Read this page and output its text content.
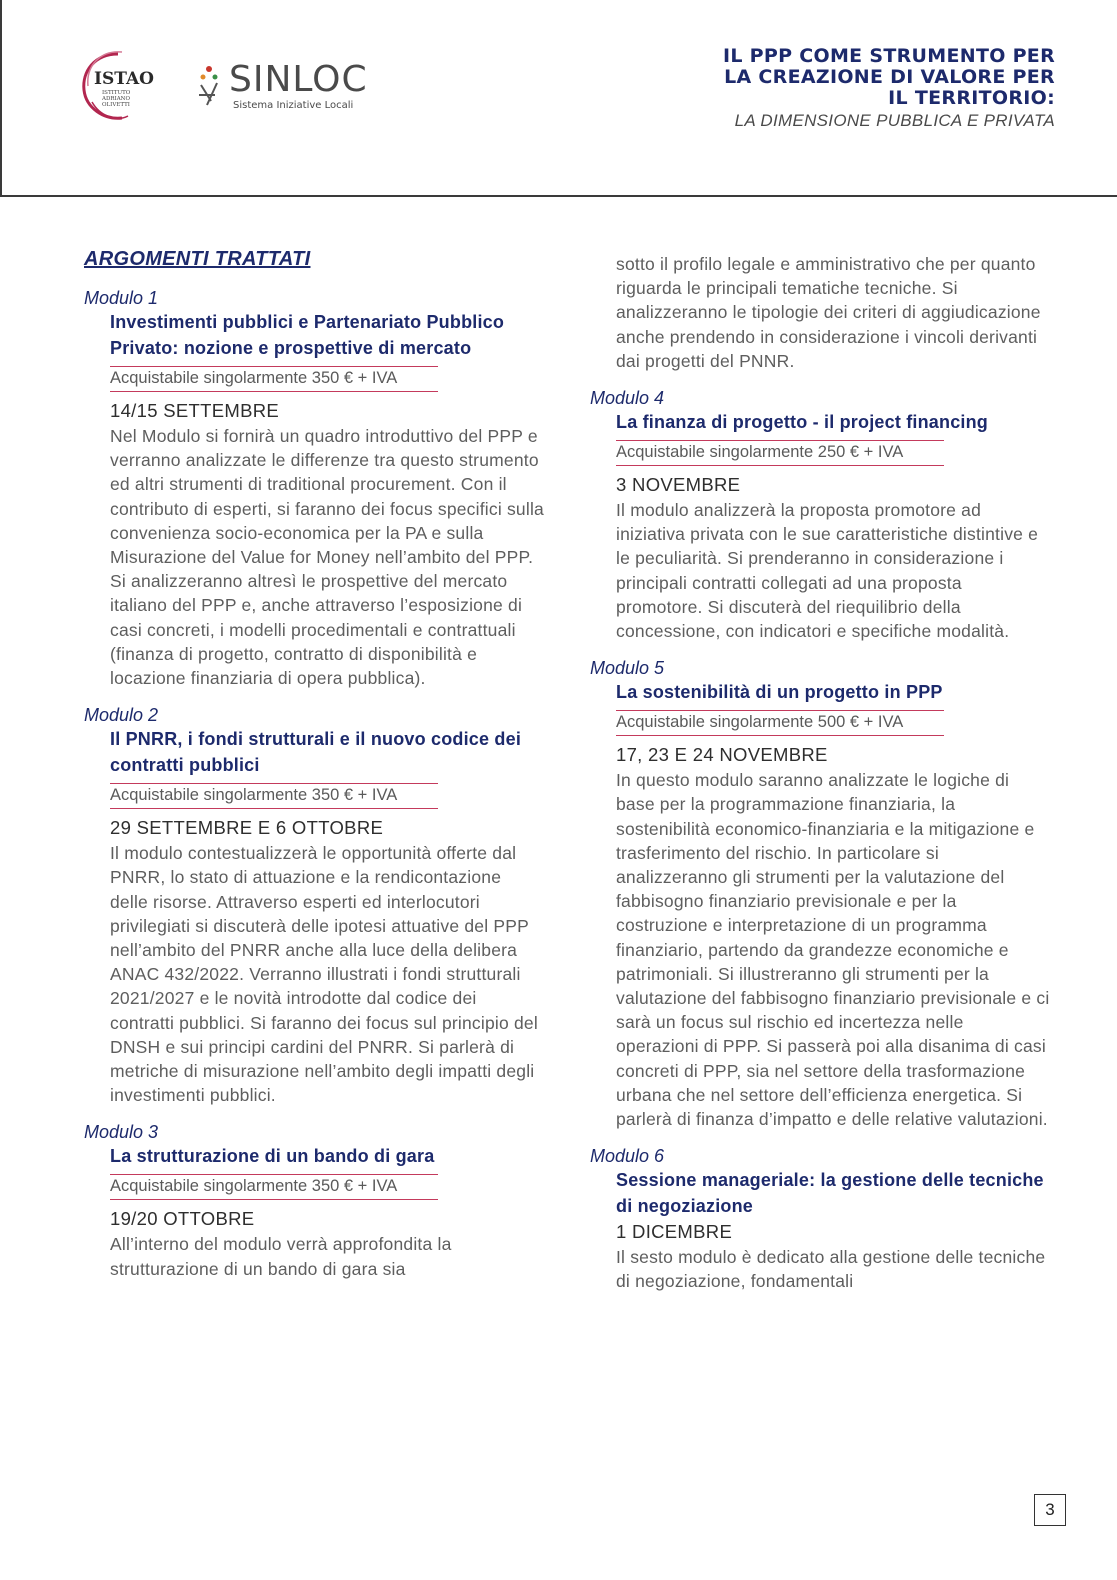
ISTAO
ISTITUTO
ADRIANO
OLIVETTI
SINLOC
Sistema Iniziative Locali
IL PPP COME STRUMENTO PER
LA CREAZIONE DI VALORE PER
IL TERRITORIO:
LA DIMENSIONE PUBBLICA E PRIVATA
ARGOMENTI TRATTATI
Modulo 1
Investimenti pubblici e Partenariato Pubblico Privato: nozione e prospettive di mercato
Acquistabile singolarmente 350 € + IVA
14/15 SETTEMBRE
Nel Modulo si fornirà un quadro introduttivo del PPP e verranno analizzate le differenze tra questo strumento ed altri strumenti di traditional procurement. Con il contributo di esperti, si faranno dei focus specifici sulla convenienza socio-economica per la PA e sulla Misurazione del Value for Money nell’ambito del PPP. Si analizzeranno altresì le prospettive del mercato italiano del PPP e, anche attraverso l’esposizione di casi concreti, i modelli procedimentali e contrattuali (finanza di progetto, contratto di disponibilità e locazione finanziaria di opera pubblica).
Modulo 2
Il PNRR, i fondi strutturali e il nuovo codice dei contratti pubblici
Acquistabile singolarmente 350 € + IVA
29 SETTEMBRE E 6 OTTOBRE
Il modulo contestualizzerà le opportunità offerte dal PNRR, lo stato di attuazione e la rendicontazione delle risorse. Attraverso esperti ed interlocutori privilegiati si discuterà delle ipotesi attuative del PPP nell’ambito del PNRR anche alla luce della delibera ANAC 432/2022. Verranno illustrati i fondi strutturali 2021/2027 e le novità introdotte dal codice dei contratti pubblici. Si faranno dei focus sul principio del DNSH e sui principi cardini del PNRR. Si parlerà di metriche di misurazione nell’ambito degli impatti degli investimenti pubblici.
Modulo 3
La strutturazione di un bando di gara
Acquistabile singolarmente 350 € + IVA
19/20 OTTOBRE
All’interno del modulo verrà approfondita la strutturazione di un bando di gara sia
sotto il profilo legale e amministrativo che per quanto riguarda le principali tematiche tecniche. Si analizzeranno le tipologie dei criteri di aggiudicazione anche prendendo in considerazione i vincoli derivanti dai progetti del PNNR.
Modulo 4
La finanza di progetto - il project financing
Acquistabile singolarmente 250 € + IVA
3 NOVEMBRE
Il modulo analizzerà la proposta promotore ad iniziativa privata con le sue caratteristiche distintive e le peculiarità. Si prenderanno in considerazione i principali contratti collegati ad una proposta promotore. Si discuterà del riequilibrio della concessione, con indicatori e specifiche modalità.
Modulo 5
La sostenibilità di un progetto in PPP
Acquistabile singolarmente 500 € + IVA
17, 23 E 24 NOVEMBRE
In questo modulo saranno analizzate le logiche di base per la programmazione finanziaria, la sostenibilità economico-finanziaria e la mitigazione e trasferimento del rischio. In particolare si analizzeranno gli strumenti per la valutazione del fabbisogno finanziario previsionale e per la costruzione e interpretazione di un programma finanziario, partendo da grandezze economiche e patrimoniali. Si illustreranno gli strumenti per la valutazione del fabbisogno finanziario previsionale e ci sarà un focus sul rischio ed incertezza nelle operazioni di PPP. Si passerà poi alla disanima di casi concreti di PPP, sia nel settore della trasformazione urbana che nel settore dell’efficienza energetica. Si parlerà di finanza d’impatto e delle relative valutazioni.
Modulo 6
Sessione manageriale: la gestione delle tecniche di negoziazione
1 DICEMBRE
Il sesto modulo è dedicato alla gestione delle tecniche di negoziazione, fondamentali
3
